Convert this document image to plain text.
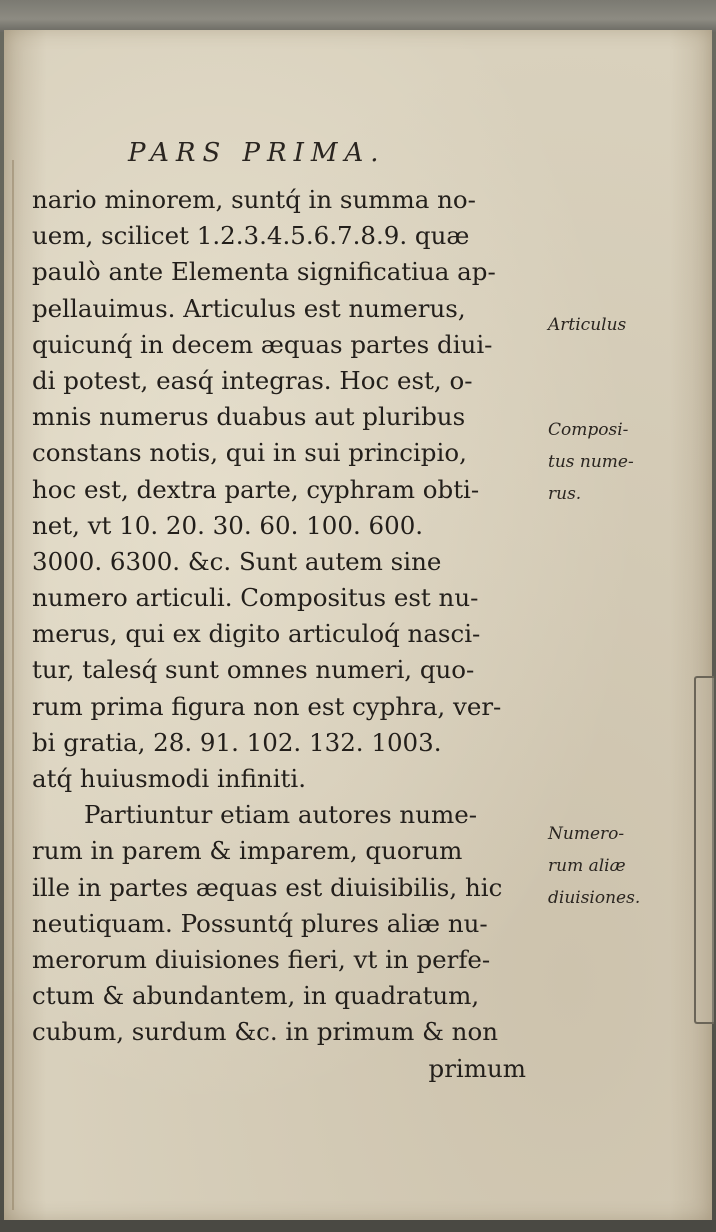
PARS PRIMA.
nario minorem, suntq́ in summa no-
uem, scilicet 1.2.3.4.5.6.7.8.9. quæ
paulò ante Elementa significatiua ap-
pellauimus. Articulus est numerus,
quicunq́ in decem æquas partes diui-
di potest, easq́ integras. Hoc est, o-
mnis numerus duabus aut pluribus
constans notis, qui in sui principio,
hoc est, dextra parte, cyphram obti-
net, vt 10. 20. 30. 60. 100. 600.
3000. 6300. &c. Sunt autem sine
numero articuli. Compositus est nu-
merus, qui ex digito articuloq́ nasci-
tur, talesq́ sunt omnes numeri, quo-
rum prima figura non est cyphra, ver-
bi gratia, 28. 91. 102. 132. 1003.
atq́ huiusmodi infiniti.
Partiuntur etiam autores nume-
rum in parem & imparem, quorum
ille in partes æquas est diuisibilis, hic
neutiquam. Possuntq́ plures aliæ nu-
merorum diuisiones fieri, vt in perfe-
ctum & abundantem, in quadratum,
cubum, surdum &c. in primum & non
primum
Articulus
Composi-
tus nume-
rus.
Numero-
rum aliæ
diuisiones.
